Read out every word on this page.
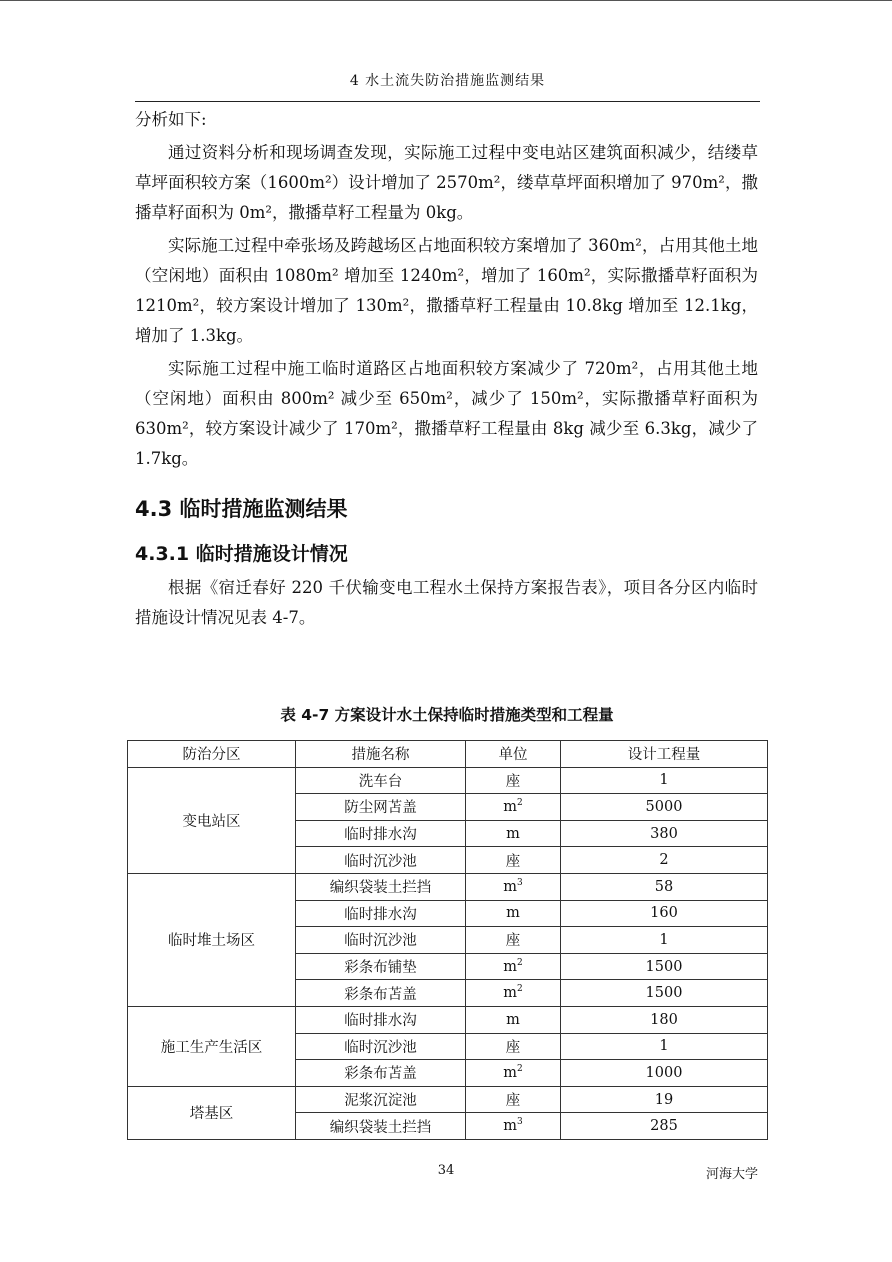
4 水土流失防治措施监测结果

分析如下:

通过资料分析和现场调查发现，实际施工过程中变电站区建筑面积减少，结缕草草坪面积较方案（1600m²）设计增加了 2570m²，缕草草坪面积增加了 970m²，撒播草籽面积为 0m²，撒播草籽工程量为 0kg。

实际施工过程中牵张场及跨越场区占地面积较方案增加了 360m²，占用其他土地（空闲地）面积由 1080m² 增加至 1240m²，增加了 160m²，实际撒播草籽面积为 1210m²，较方案设计增加了 130m²，撒播草籽工程量由 10.8kg 增加至 12.1kg，增加了 1.3kg。

实际施工过程中施工临时道路区占地面积较方案减少了 720m²，占用其他土地（空闲地）面积由 800m² 减少至 650m²，减少了 150m²，实际撒播草籽面积为 630m²，较方案设计减少了 170m²，撒播草籽工程量由 8kg 减少至 6.3kg，减少了 1.7kg。

4.3 临时措施监测结果
4.3.1 临时措施设计情况

根据《宿迁春好 220 千伏输变电工程水土保持方案报告表》，项目各分区内临时措施设计情况见表 4-7。

表 4-7 方案设计水土保持临时措施类型和工程量
防治分区	措施名称	单位	设计工程量
变电站区	洗车台	座	1
	防尘网苫盖	$m^2$	5000
	临时排水沟	m	380
	临时沉沙池	座	2
临时堆土场区	编织袋装土拦挡	$m^3$	58
	临时排水沟	m	160
	临时沉沙池	座	1
	彩条布铺垫	$m^2$	1500
	彩条布苫盖	$m^2$	1500
施工生产生活区	临时排水沟	m	180
	临时沉沙池	座	1
	彩条布苫盖	$m^2$	1000
塔基区	泥浆沉淀池	座	19
	编织袋装土拦挡	$m^3$	285
34	河海大学
